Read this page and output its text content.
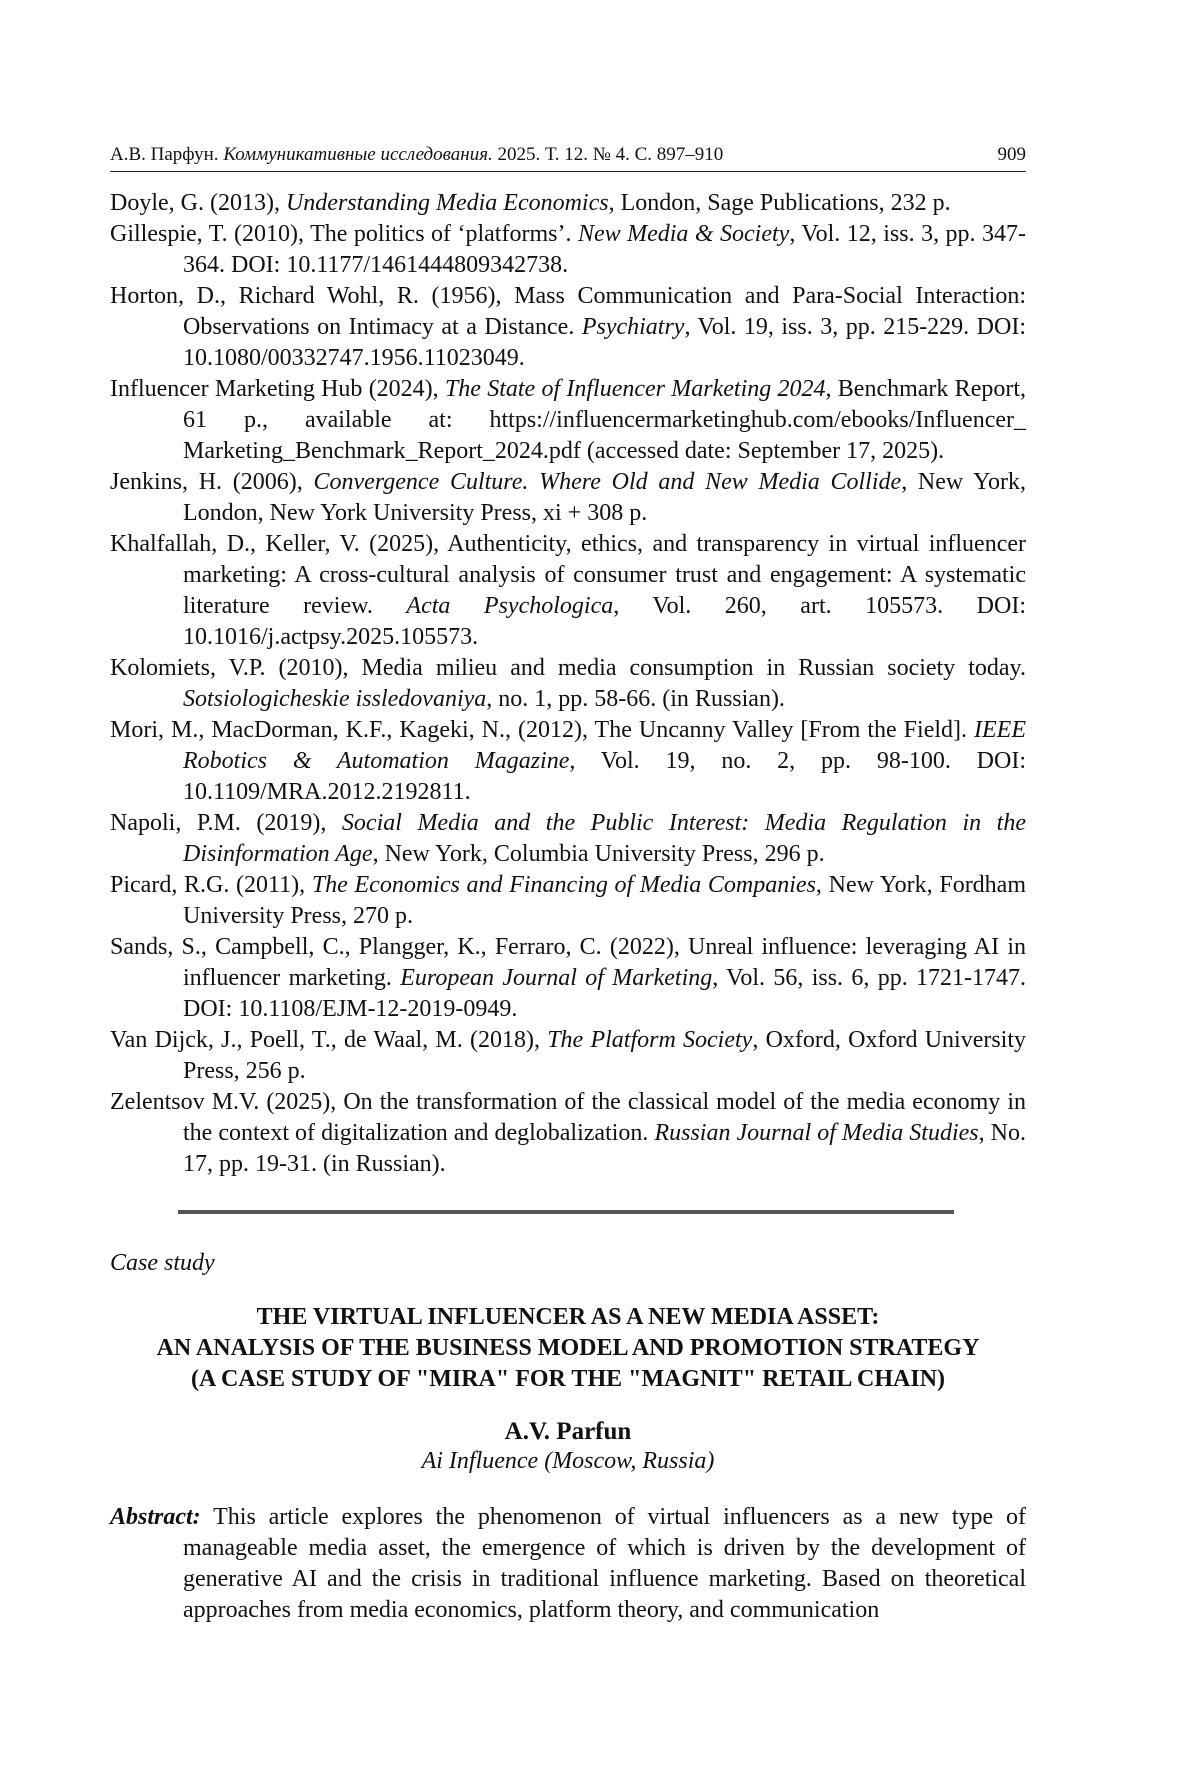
А.В. Парфун. Коммуникативные исследования. 2025. Т. 12. № 4. С. 897–910	909

Doyle, G. (2013), Understanding Media Economics, London, Sage Publications, 232 p.

Gillespie, T. (2010), The politics of ‘platforms’. New Media & Society, Vol. 12, iss. 3, pp. 347-364. DOI: 10.1177/1461444809342738.

Horton, D., Richard Wohl, R. (1956), Mass Communication and Para-Social Interaction: Observations on Intimacy at a Distance. Psychiatry, Vol. 19, iss. 3, pp. 215-229. DOI: 10.1080/00332747.1956.11023049.

Influencer Marketing Hub (2024), The State of Influencer Marketing 2024, Benchmark Report, 61 p., available at: https://influencermarketinghub.com/ebooks/Influencer_ Marketing_Benchmark_Report_2024.pdf (accessed date: September 17, 2025).

Jenkins, H. (2006), Convergence Culture. Where Old and New Media Collide, New York, London, New York University Press, xi + 308 p.

Khalfallah, D., Keller, V. (2025), Authenticity, ethics, and transparency in virtual influencer marketing: A cross-cultural analysis of consumer trust and engagement: A systematic literature review. Acta Psychologica, Vol. 260, art. 105573. DOI: 10.1016/j.actpsy.2025.105573.

Kolomiets, V.P. (2010), Media milieu and media consumption in Russian society today. Sotsiologicheskie issledovaniya, no. 1, pp. 58-66. (in Russian).

Mori, M., MacDorman, K.F., Kageki, N., (2012), The Uncanny Valley [From the Field]. IEEE Robotics & Automation Magazine, Vol. 19, no. 2, pp. 98-100. DOI: 10.1109/MRA.2012.2192811.

Napoli, P.M. (2019), Social Media and the Public Interest: Media Regulation in the Disinformation Age, New York, Columbia University Press, 296 p.

Picard, R.G. (2011), The Economics and Financing of Media Companies, New York, Fordham University Press, 270 p.

Sands, S., Campbell, C., Plangger, K., Ferraro, C. (2022), Unreal influence: leveraging AI in influencer marketing. European Journal of Marketing, Vol. 56, iss. 6, pp. 1721-1747. DOI: 10.1108/EJM-12-2019-0949.

Van Dijck, J., Poell, T., de Waal, M. (2018), The Platform Society, Oxford, Oxford University Press, 256 p.

Zelentsov M.V. (2025), On the transformation of the classical model of the media economy in the context of digitalization and deglobalization. Russian Journal of Media Studies, No. 17, pp. 19-31. (in Russian).

Case study
THE VIRTUAL INFLUENCER AS A NEW MEDIA ASSET:
AN ANALYSIS OF THE BUSINESS MODEL AND PROMOTION STRATEGY
(A CASE STUDY OF "MIRA" FOR THE "MAGNIT" RETAIL CHAIN)
A.V. Parfun
Ai Influence (Moscow, Russia)

Abstract: This article explores the phenomenon of virtual influencers as a new type of manageable media asset, the emergence of which is driven by the development of generative AI and the crisis in traditional influence marketing. Based on theoretical approaches from media economics, platform theory, and communication
